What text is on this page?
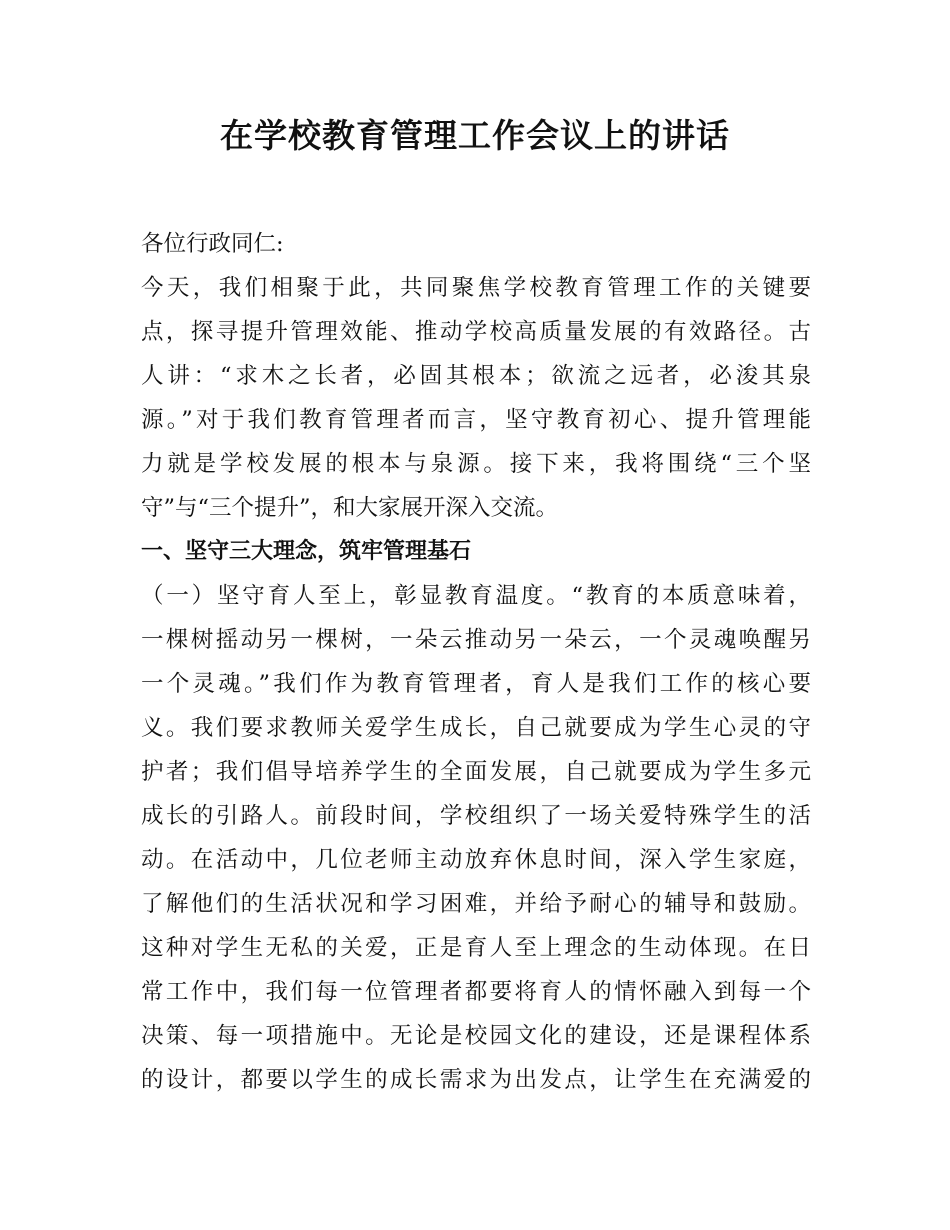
在学校教育管理工作会议上的讲话
各位行政同仁:
今天，我们相聚于此，共同聚焦学校教育管理工作的关键要
点，探寻提升管理效能、推动学校高质量发展的有效路径。古
人讲：“求木之长者，必固其根本；欲流之远者，必浚其泉
源。”对于我们教育管理者而言，坚守教育初心、提升管理能
力就是学校发展的根本与泉源。接下来，我将围绕“三个坚
守”与“三个提升”，和大家展开深入交流。
一、坚守三大理念，筑牢管理基石
（一）坚守育人至上，彰显教育温度。“教育的本质意味着，
一棵树摇动另一棵树，一朵云推动另一朵云，一个灵魂唤醒另
一个灵魂。”我们作为教育管理者，育人是我们工作的核心要
义。我们要求教师关爱学生成长，自己就要成为学生心灵的守
护者；我们倡导培养学生的全面发展，自己就要成为学生多元
成长的引路人。前段时间，学校组织了一场关爱特殊学生的活
动。在活动中，几位老师主动放弃休息时间，深入学生家庭，
了解他们的生活状况和学习困难，并给予耐心的辅导和鼓励。
这种对学生无私的关爱，正是育人至上理念的生动体现。在日
常工作中，我们每一位管理者都要将育人的情怀融入到每一个
决策、每一项措施中。无论是校园文化的建设，还是课程体系
的设计，都要以学生的成长需求为出发点，让学生在充满爱的
